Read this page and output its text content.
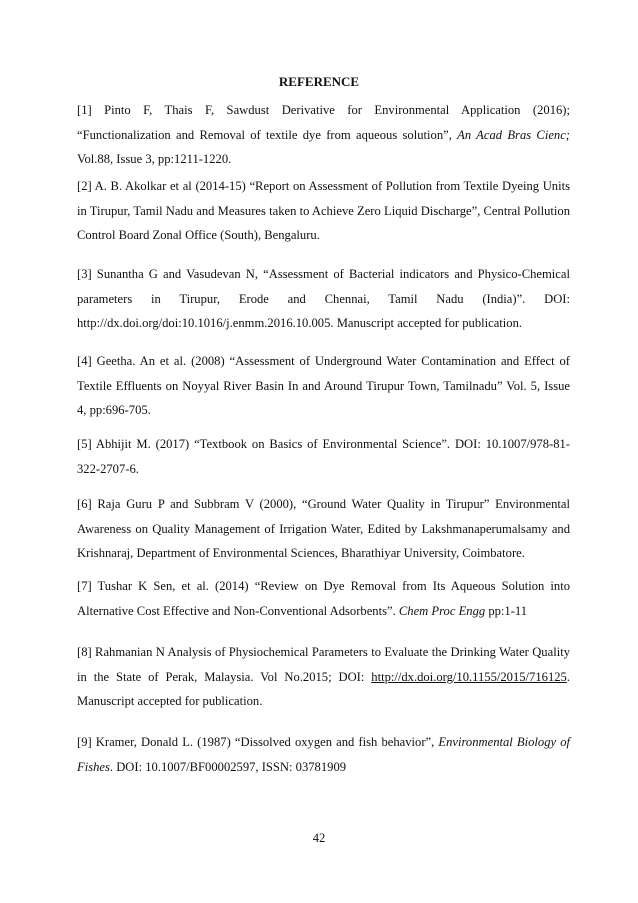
REFERENCE
[1] Pinto F, Thais F, Sawdust Derivative for Environmental Application (2016); “Functionalization and Removal of textile dye from aqueous solution”, An Acad Bras Cienc; Vol.88, Issue 3, pp:1211-1220.
[2] A. B. Akolkar et al (2014-15) “Report on Assessment of Pollution from Textile Dyeing Units in Tirupur, Tamil Nadu and Measures taken to Achieve Zero Liquid Discharge”, Central Pollution Control Board Zonal Office (South), Bengaluru.
[3] Sunantha G and Vasudevan N, “Assessment of Bacterial indicators and Physico-Chemical parameters in Tirupur, Erode and Chennai, Tamil Nadu (India)”. DOI: http://dx.doi.org/doi:10.1016/j.enmm.2016.10.005. Manuscript accepted for publication.
[4] Geetha. An et al. (2008) “Assessment of Underground Water Contamination and Effect of Textile Effluents on Noyyal River Basin In and Around Tirupur Town, Tamilnadu” Vol. 5, Issue 4, pp:696-705.
[5] Abhijit M. (2017) “Textbook on Basics of Environmental Science”. DOI: 10.1007/978-81-322-2707-6.
[6] Raja Guru P and Subbram V (2000), “Ground Water Quality in Tirupur” Environmental Awareness on Quality Management of Irrigation Water, Edited by Lakshmanaperumalsamy and Krishnaraj, Department of Environmental Sciences, Bharathiyar University, Coimbatore.
[7] Tushar K Sen, et al. (2014) “Review on Dye Removal from Its Aqueous Solution into Alternative Cost Effective and Non-Conventional Adsorbents”. Chem Proc Engg pp:1-11
[8] Rahmanian N Analysis of Physiochemical Parameters to Evaluate the Drinking Water Quality in the State of Perak, Malaysia. Vol No.2015; DOI: http://dx.doi.org/10.1155/2015/716125. Manuscript accepted for publication.
[9] Kramer, Donald L. (1987) “Dissolved oxygen and fish behavior”, Environmental Biology of Fishes. DOI: 10.1007/BF00002597, ISSN: 03781909
42
